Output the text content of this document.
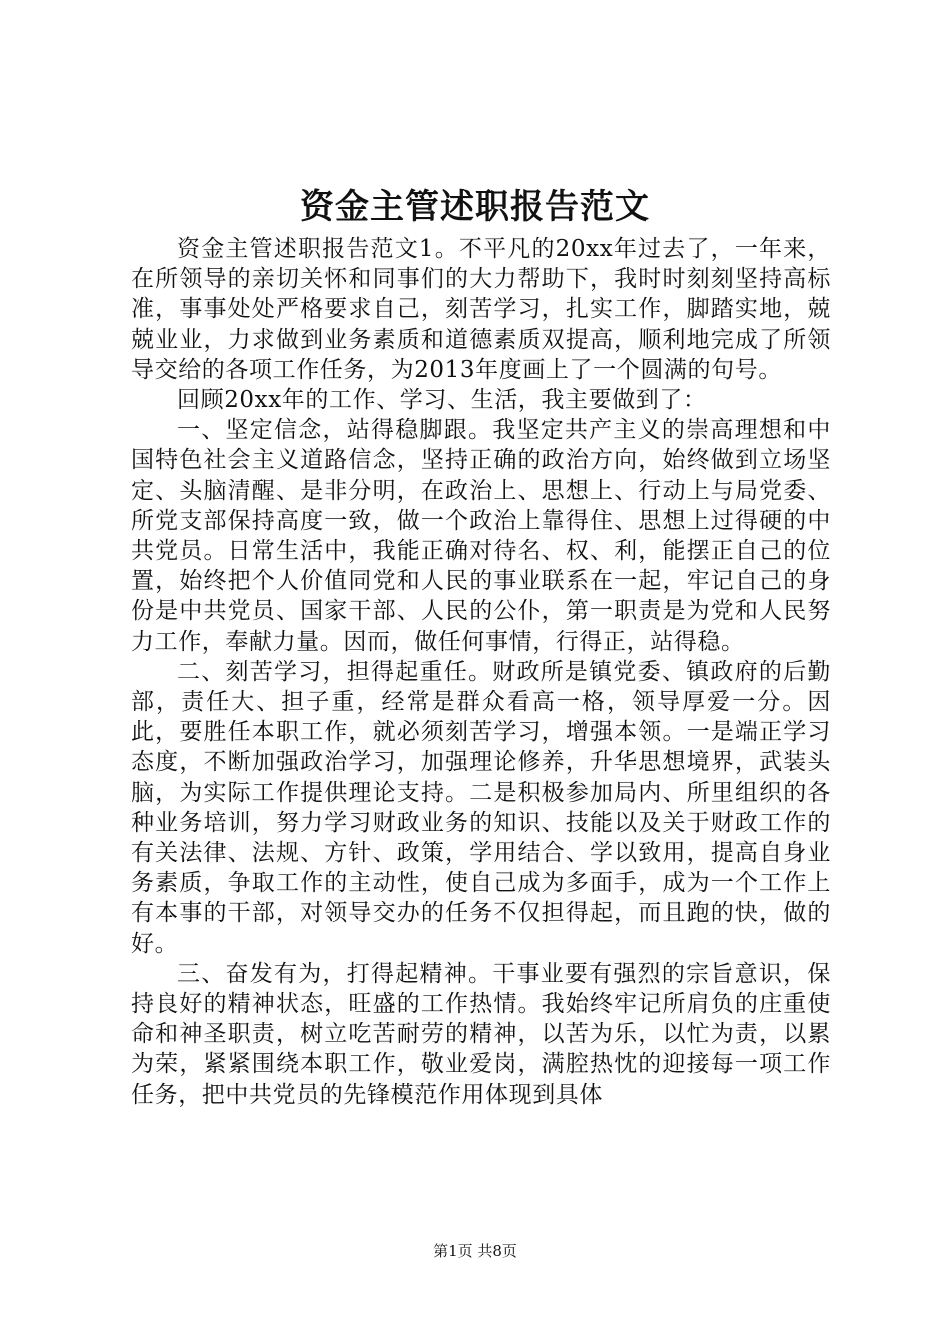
资金主管述职报告范文

资金主管述职报告范文1。不平凡的20xx年过去了，一年来，在所领导的亲切关怀和同事们的大力帮助下，我时时刻刻坚持高标准，事事处处严格要求自己，刻苦学习，扎实工作，脚踏实地，兢兢业业，力求做到业务素质和道德素质双提高，顺利地完成了所领导交给的各项工作任务，为2013年度画上了一个圆满的句号。

回顾20xx年的工作、学习、生活，我主要做到了：

一、坚定信念，站得稳脚跟。我坚定共产主义的崇高理想和中国特色社会主义道路信念，坚持正确的政治方向，始终做到立场坚定、头脑清醒、是非分明，在政治上、思想上、行动上与局党委、所党支部保持高度一致，做一个政治上靠得住、思想上过得硬的中共党员。日常生活中，我能正确对待名、权、利，能摆正自己的位置，始终把个人价值同党和人民的事业联系在一起，牢记自己的身份是中共党员、国家干部、人民的公仆，第一职责是为党和人民努力工作，奉献力量。因而，做任何事情，行得正，站得稳。

二、刻苦学习，担得起重任。财政所是镇党委、镇政府的后勤部，责任大、担子重，经常是群众看高一格，领导厚爱一分。因此，要胜任本职工作，就必须刻苦学习，增强本领。一是端正学习态度，不断加强政治学习，加强理论修养，升华思想境界，武装头脑，为实际工作提供理论支持。二是积极参加局内、所里组织的各种业务培训，努力学习财政业务的知识、技能以及关于财政工作的有关法律、法规、方针、政策，学用结合、学以致用，提高自身业务素质，争取工作的主动性，使自己成为多面手，成为一个工作上有本事的干部，对领导交办的任务不仅担得起，而且跑的快，做的好。

三、奋发有为，打得起精神。干事业要有强烈的宗旨意识，保持良好的精神状态，旺盛的工作热情。我始终牢记所肩负的庄重使命和神圣职责，树立吃苦耐劳的精神，以苦为乐，以忙为责，以累为荣，紧紧围绕本职工作，敬业爱岗，满腔热忱的迎接每一项工作任务，把中共党员的先锋模范作用体现到具体

第1页 共8页
